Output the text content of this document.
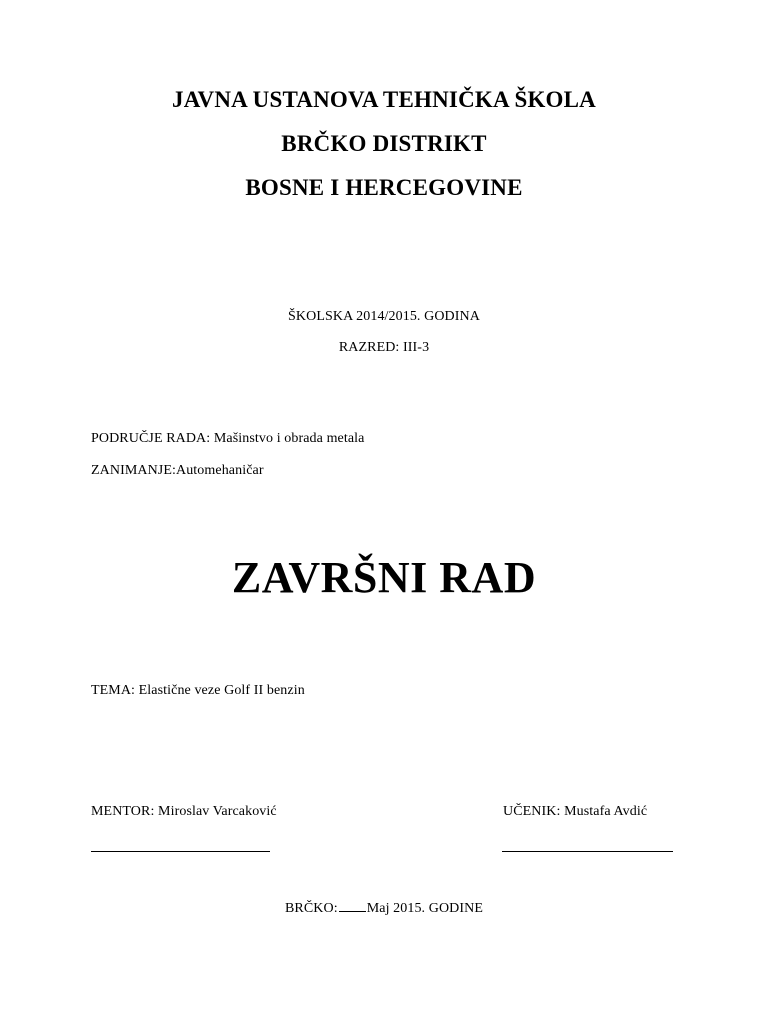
JAVNA USTANOVA TEHNIČKA ŠKOLA
BRČKO DISTRIKT
BOSNE I HERCEGOVINE
ŠKOLSKA 2014/2015. GODINA
RAZRED: III-3
PODRUČJE RADA: Mašinstvo i obrada metala
ZANIMANJE:Automehaničar
ZAVRŠNI RAD
TEMA: Elastične veze Golf II benzin
MENTOR: Miroslav Varcaković	UČENIK: Mustafa Avdić
BRČKO: Maj 2015. GODINE
